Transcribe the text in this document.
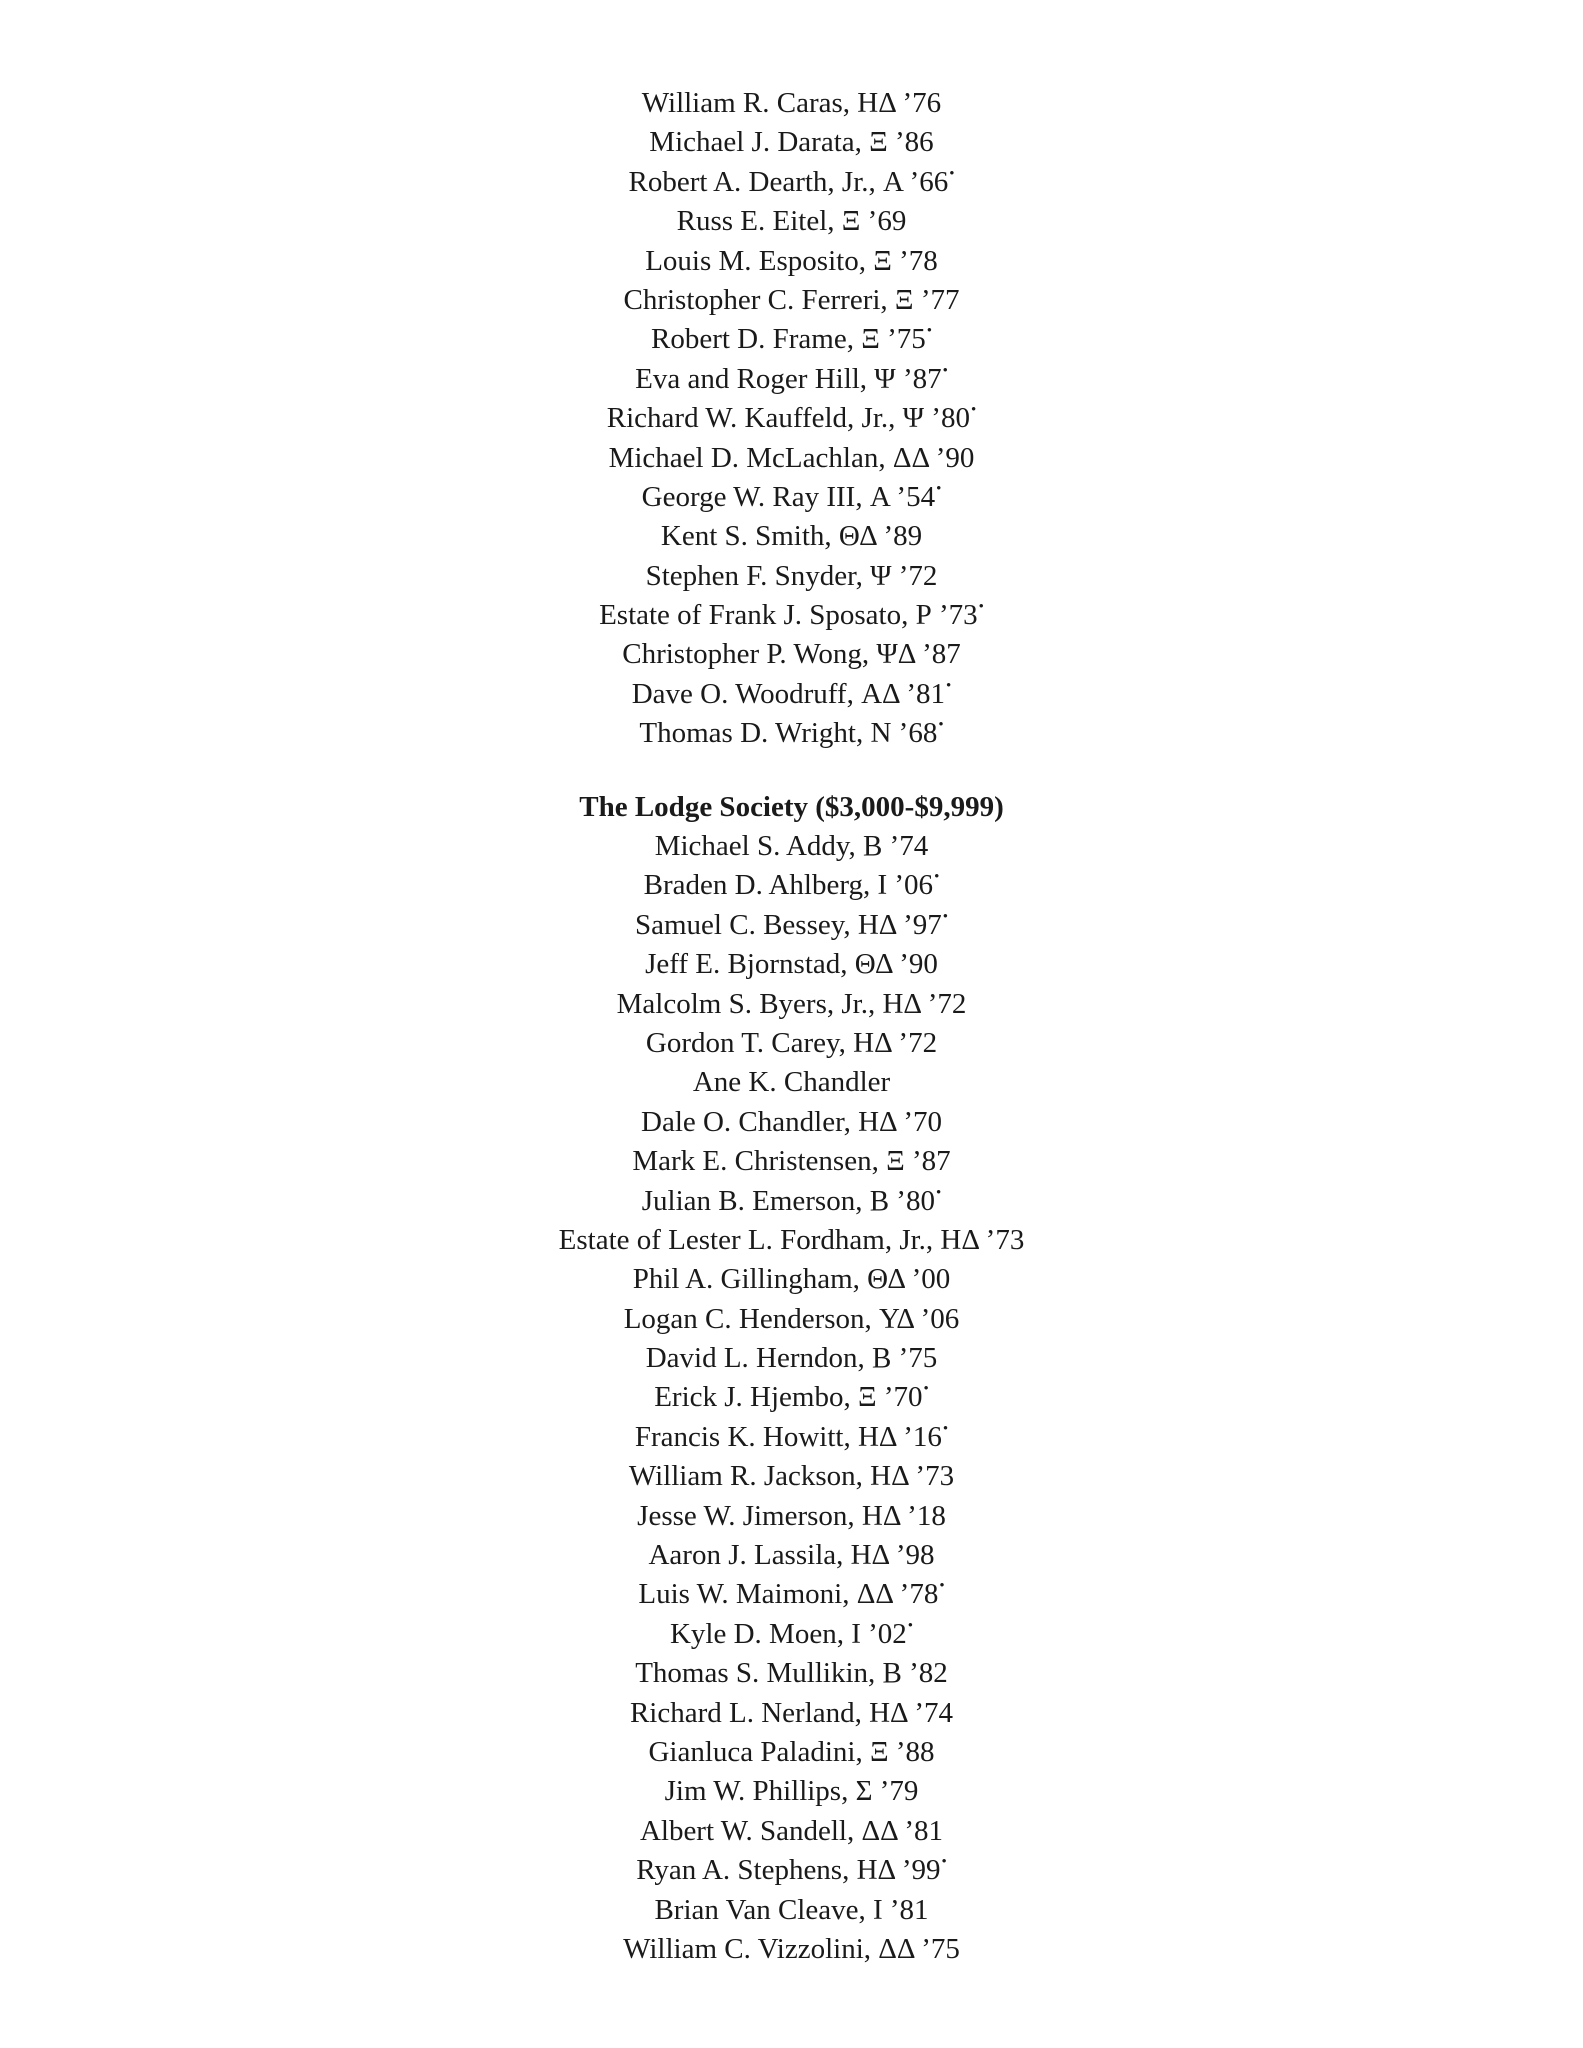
William R. Caras, ΗΔ ’76
Michael J. Darata, Ξ ’86
Robert A. Dearth, Jr., Α ’66•
Russ E. Eitel, Ξ ’69
Louis M. Esposito, Ξ ’78
Christopher C. Ferreri, Ξ ’77
Robert D. Frame, Ξ ’75•
Eva and Roger Hill, Ψ ’87•
Richard W. Kauffeld, Jr., Ψ ’80•
Michael D. McLachlan, ΔΔ ’90
George W. Ray III, Α ’54•
Kent S. Smith, ΘΔ ’89
Stephen F. Snyder, Ψ ’72
Estate of Frank J. Sposato, Ρ ’73•
Christopher P. Wong, ΨΔ ’87
Dave O. Woodruff, ΑΔ ’81•
Thomas D. Wright, Ν ’68•
The Lodge Society ($3,000-$9,999)
Michael S. Addy, Β ’74
Braden D. Ahlberg, Ι ’06•
Samuel C. Bessey, ΗΔ ’97•
Jeff E. Bjornstad, ΘΔ ’90
Malcolm S. Byers, Jr., ΗΔ ’72
Gordon T. Carey, ΗΔ ’72
Ane K. Chandler
Dale O. Chandler, ΗΔ ’70
Mark E. Christensen, Ξ ’87
Julian B. Emerson, Β ’80•
Estate of Lester L. Fordham, Jr., ΗΔ ’73
Phil A. Gillingham, ΘΔ ’00
Logan C. Henderson, ΥΔ ’06
David L. Herndon, Β ’75
Erick J. Hjembo, Ξ ’70•
Francis K. Howitt, ΗΔ ’16•
William R. Jackson, ΗΔ ’73
Jesse W. Jimerson, ΗΔ ’18
Aaron J. Lassila, ΗΔ ’98
Luis W. Maimoni, ΔΔ ’78•
Kyle D. Moen, Ι ’02•
Thomas S. Mullikin, Β ’82
Richard L. Nerland, ΗΔ ’74
Gianluca Paladini, Ξ ’88
Jim W. Phillips, Σ ’79
Albert W. Sandell, ΔΔ ’81
Ryan A. Stephens, ΗΔ ’99•
Brian Van Cleave, Ι ’81
William C. Vizzolini, ΔΔ ’75
